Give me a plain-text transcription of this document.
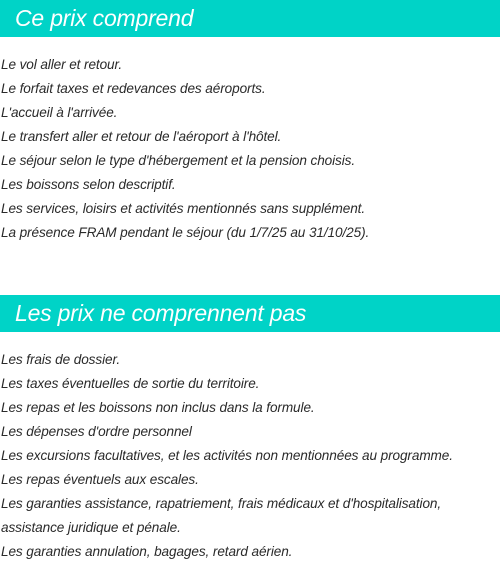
Ce prix comprend
Le vol aller et retour.
Le forfait taxes et redevances des aéroports.
L'accueil à l'arrivée.
Le transfert aller et retour de l'aéroport à l'hôtel.
Le séjour selon le type d'hébergement et la pension choisis.
Les boissons selon descriptif.
Les services, loisirs et activités mentionnés sans supplément.
La présence FRAM pendant le séjour (du 1/7/25 au 31/10/25).
Les prix ne comprennent pas
Les frais de dossier.
Les taxes éventuelles de sortie du territoire.
Les repas et les boissons non inclus dans la formule.
Les dépenses d'ordre personnel
Les excursions facultatives, et les activités non mentionnées au programme.
Les repas éventuels aux escales.
Les garanties assistance, rapatriement, frais médicaux et d'hospitalisation,
assistance juridique et pénale.
Les garanties annulation, bagages, retard aérien.
